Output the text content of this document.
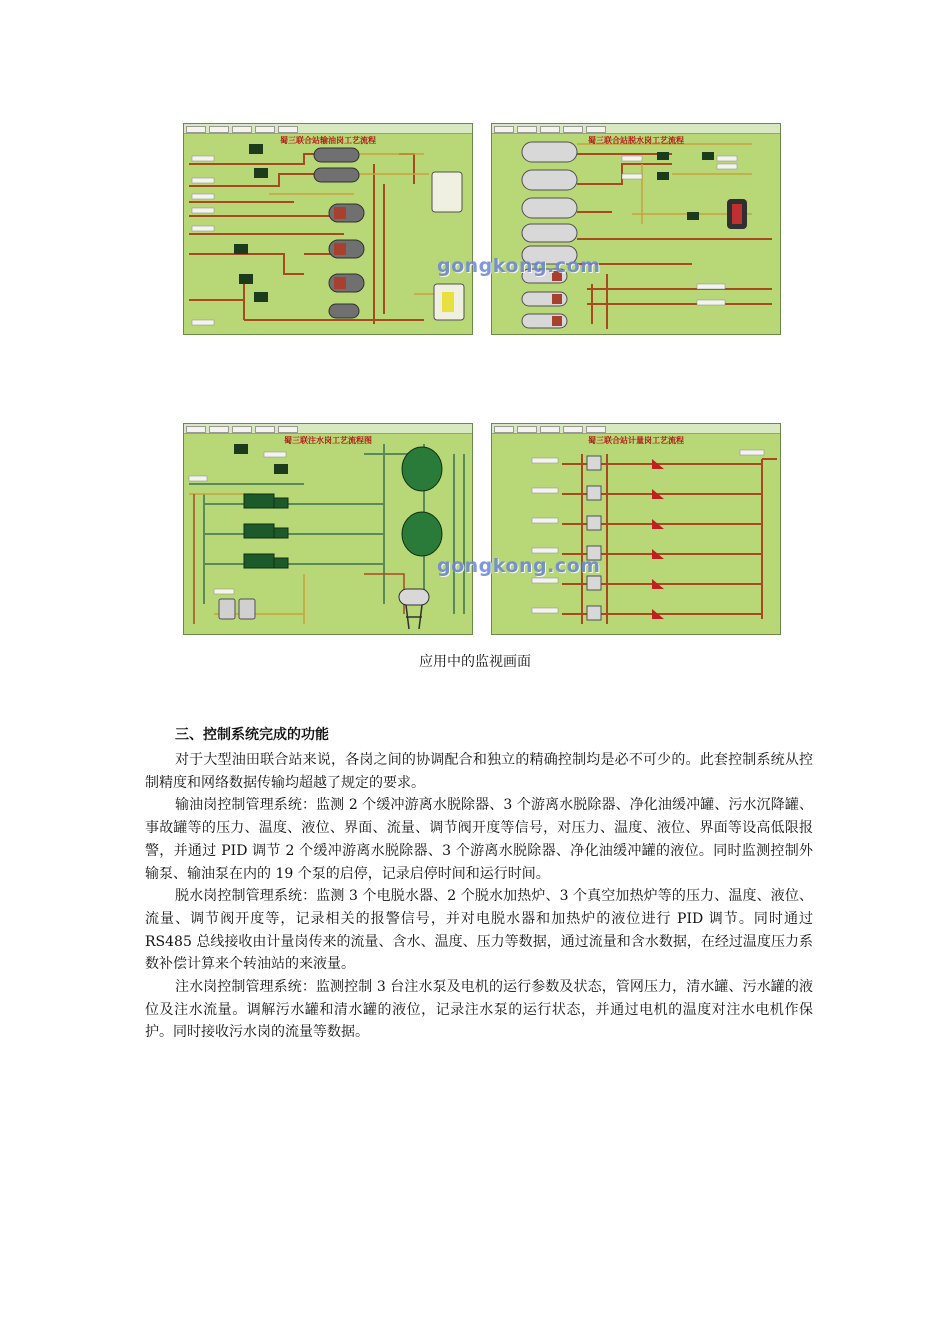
蜀三联合站输油岗工艺流程	蜀三联合站脱水岗工艺流程
蜀三联注水岗工艺流程图	蜀三联合站计量岗工艺流程
gongkong.com
gongkong.com
应用中的监视画面
三、控制系统完成的功能

对于大型油田联合站来说，各岗之间的协调配合和独立的精确控制均是必不可少的。此套控制系统从控制精度和网络数据传输均超越了规定的要求。

输油岗控制管理系统：监测 2 个缓冲游离水脱除器、3 个游离水脱除器、净化油缓冲罐、污水沉降罐、事故罐等的压力、温度、液位、界面、流量、调节阀开度等信号，对压力、温度、液位、界面等设高低限报警，并通过 PID 调节 2 个缓冲游离水脱除器、3 个游离水脱除器、净化油缓冲罐的液位。同时监测控制外输泵、输油泵在内的 19 个泵的启停，记录启停时间和运行时间。

脱水岗控制管理系统：监测 3 个电脱水器、2 个脱水加热炉、3 个真空加热炉等的压力、温度、液位、流量、调节阀开度等，记录相关的报警信号，并对电脱水器和加热炉的液位进行 PID 调节。同时通过 RS485 总线接收由计量岗传来的流量、含水、温度、压力等数据，通过流量和含水数据，在经过温度压力系数补偿计算来个转油站的来液量。

注水岗控制管理系统：监测控制 3 台注水泵及电机的运行参数及状态，管网压力，清水罐、污水罐的液位及注水流量。调解污水罐和清水罐的液位，记录注水泵的运行状态，并通过电机的温度对注水电机作保护。同时接收污水岗的流量等数据。
